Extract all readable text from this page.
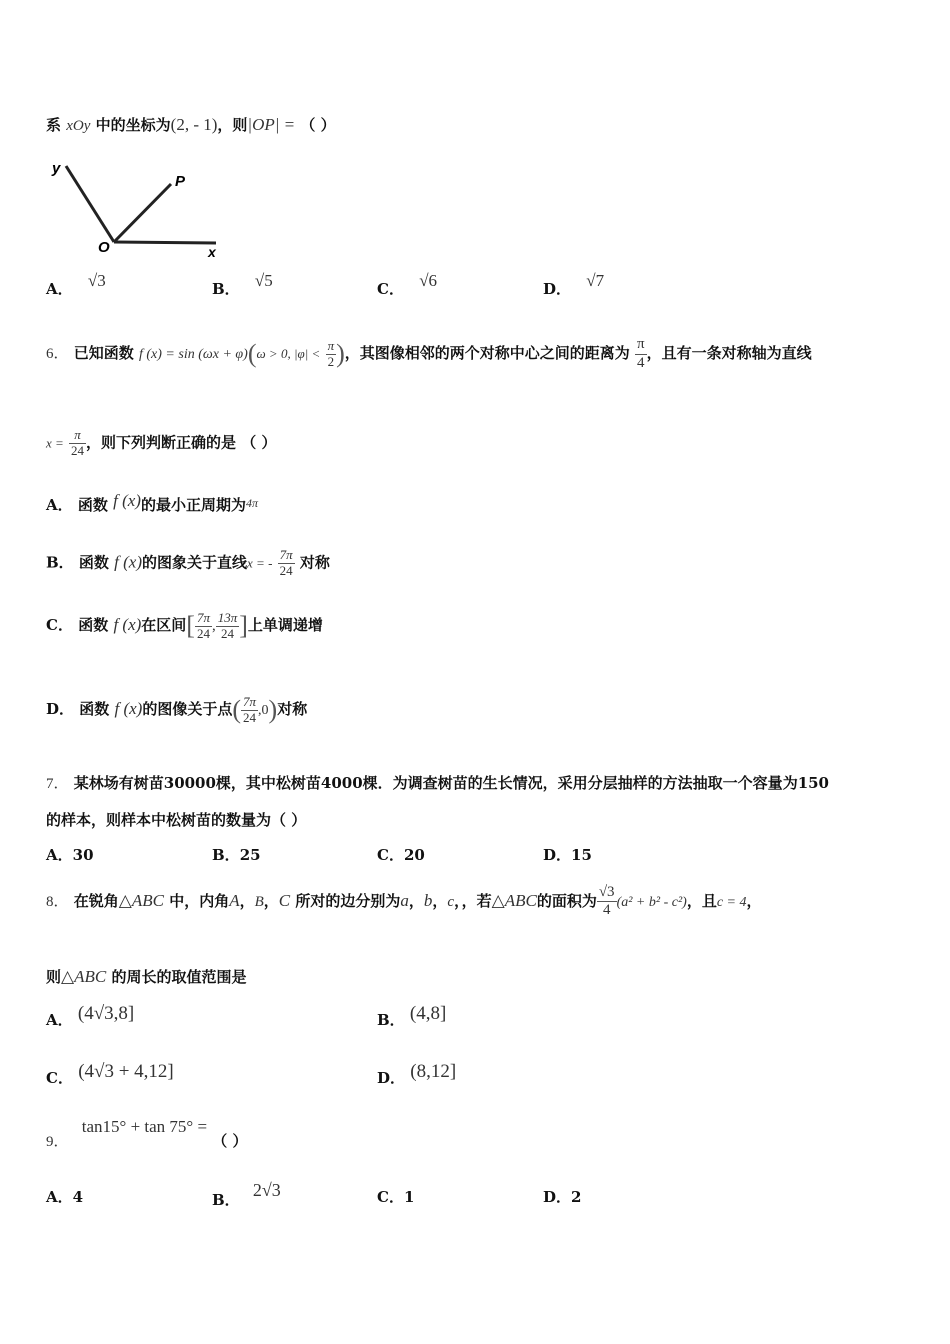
系 xOy 中的坐标为(2, - 1)，则|OP| = （ ）
y
P
O	x
A． √3	B． √5	C． √6	D． √7
6． 已知函数 f (x) = sin (ωx + φ)(ω > 0, $|\varphi| < \frac{\pi}{2}$ )，其图像相邻的两个对称中心之间的距离为 $\frac{\pi}{4}$ ，且有一条对称轴为直线
$x = \frac{\pi}{24}$ ，则下列判断正确的是 （ ）
A． 函数 f (x)的最小正周期为$^{4\pi}$
B． 函数 f (x)的图象关于直线x = - $\frac{7\pi}{24}$ 对称
C． 函数 f (x)在区间[ $\frac{7\pi}{24}$ , $\frac{13\pi}{24}$ ]上单调递增
D． 函数 f (x)的图像关于点( $\frac{7\pi}{24} ,0$)对称
7． 某林场有树苗30000棵，其中松树苗4000棵．为调查树苗的生长情况，采用分层抽样的方法抽取一个容量为150
的样本，则样本中松树苗的数量为（ ）
A．30	B．25	C．20	D．15
8． 在锐角△ABC 中，内角A，B，C 所对的边分别为a，b，c，，若△ABC的面积为 $\frac{√3}{4} (a^2 + b^2 - c^2)$，且c = 4，
则△ABC 的周长的取值范围是
A． (4√3,8]	B． (4,8]
C． (4√3 + 4,12]	D． (8,12]
9． tan15° + tan 75° = （ ）
A．4	B． 2√3	C．1	D．2
